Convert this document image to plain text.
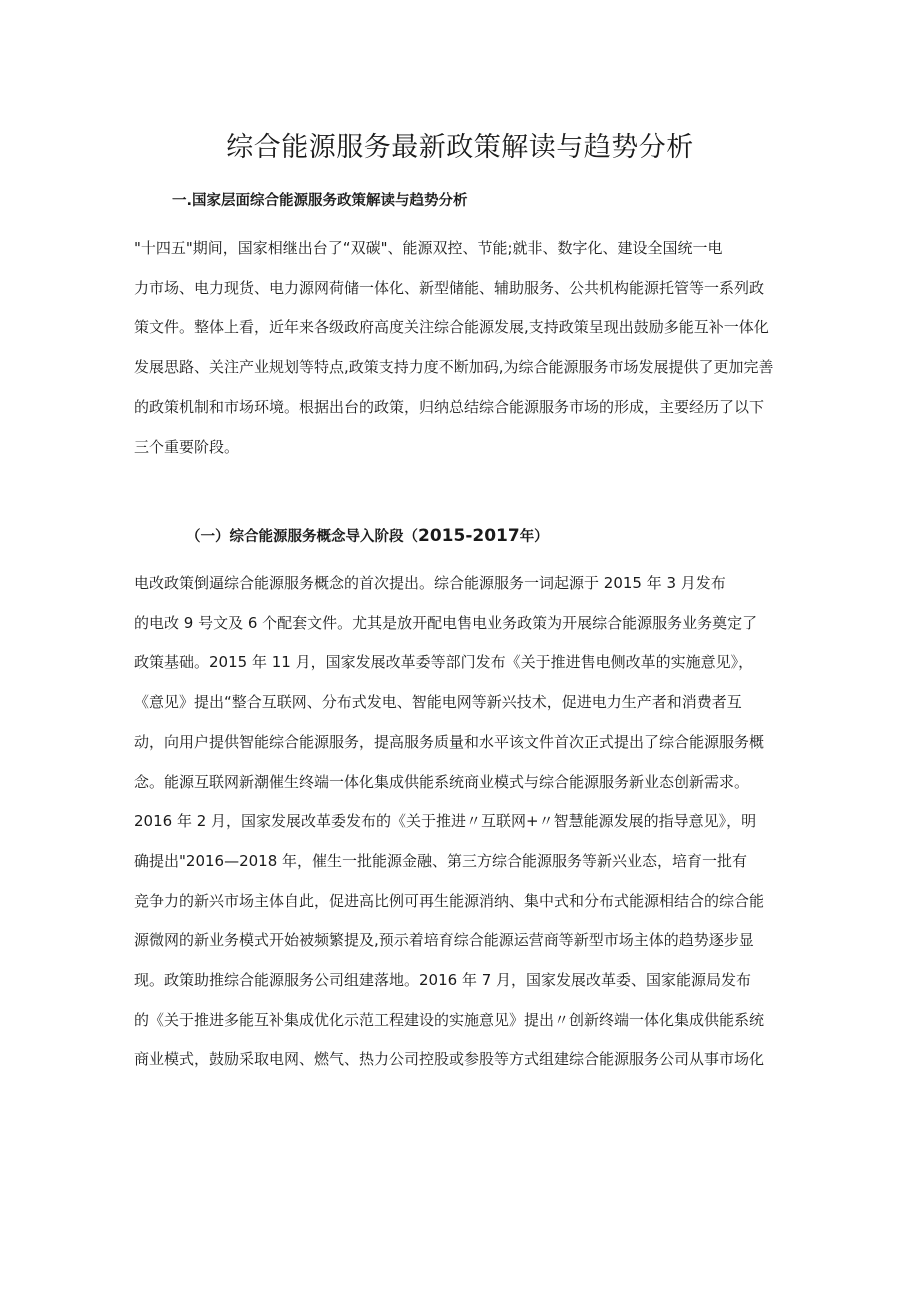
综合能源服务最新政策解读与趋势分析
一.国家层面综合能源服务政策解读与趋势分析

"十四五"期间，国家相继出台了“双碳"、能源双控、节能;就非、数字化、建设全国统一电
力市场、电力现货、电力源网荷储一体化、新型储能、辅助服务、公共机构能源托管等一系列政
策文件。整体上看，近年来各级政府高度关注综合能源发展,支持政策呈现出鼓励多能互补一体化
发展思路、关注产业规划等特点,政策支持力度不断加码,为综合能源服务市场发展提供了更加完善
的政策机制和市场环境。根据出台的政策，归纳总结综合能源服务市场的形成，主要经历了以下
三个重要阶段。

（一）综合能源服务概念导入阶段（2015-2017年）

电改政策倒逼综合能源服务概念的首次提出。综合能源服务一词起源于 2015 年 3 月发布
的电改 9 号文及 6 个配套文件。尤其是放开配电售电业务政策为开展综合能源服务业务奠定了
政策基础。2015 年 11 月，国家发展改革委等部门发布《关于推进售电侧改革的实施意见》，
《意见》提出“整合互联网、分布式发电、智能电网等新兴技术，促进电力生产者和消费者互
动，向用户提供智能综合能源服务，提高服务质量和水平该文件首次正式提出了综合能源服务概
念。能源互联网新潮催生终端一体化集成供能系统商业模式与综合能源服务新业态创新需求。
2016 年 2 月，国家发展改革委发布的《关于推进〃互联网+〃智慧能源发展的指导意见》，明
确提出"2016—2018 年，催生一批能源金融、第三方综合能源服务等新兴业态，培育一批有
竞争力的新兴市场主体自此，促进高比例可再生能源消纳、集中式和分布式能源相结合的综合能
源微网的新业务模式开始被频繁提及,预示着培育综合能源运营商等新型市场主体的趋势逐步显
现。政策助推综合能源服务公司组建落地。2016 年 7 月，国家发展改革委、国家能源局发布
的《关于推进多能互补集成优化示范工程建设的实施意见》提出〃创新终端一体化集成供能系统
商业模式，鼓励采取电网、燃气、热力公司控股或参股等方式组建综合能源服务公司从事市场化
